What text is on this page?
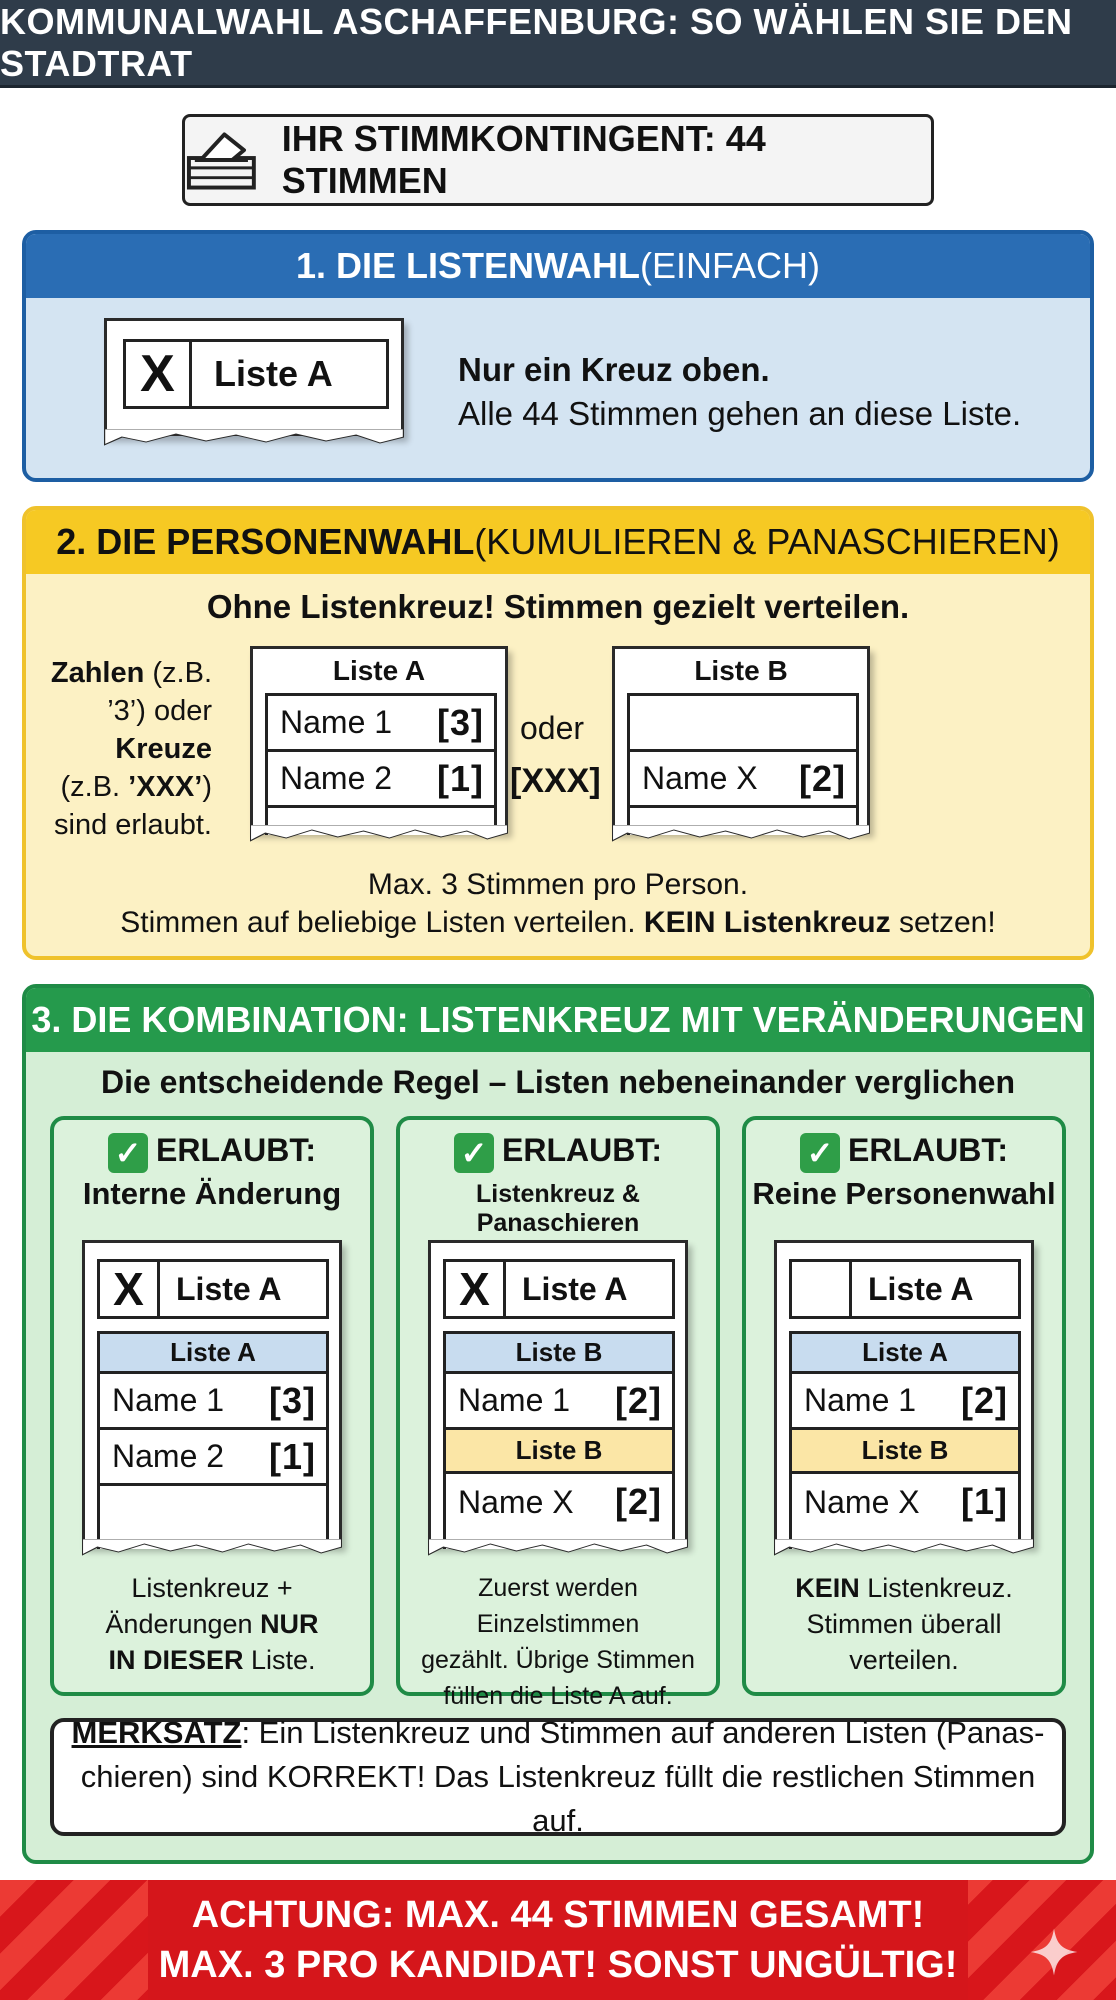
KOMMUNALWAHL ASCHAFFENBURG: SO WÄHLEN SIE DEN STADTRAT
IHR STIMMKONTINGENT: 44 STIMMEN
1. DIE LISTENWAHL (EINFACH)
X	Liste A	Nur ein Kreuz oben.
Alle 44 Stimmen gehen an diese Liste.
2. DIE PERSONENWAHL (KUMULIEREN & PANASCHIEREN)
Ohne Listenkreuz! Stimmen gezielt verteilen.
Zahlen (z.B.
’3’) oder
Kreuze
(z.B. ’XXX’)
sind erlaubt.
Liste A
Name 1 [3]
Name 2 [1]
oder
[XXX]
Liste B
Name X [2]
Max. 3 Stimmen pro Person.
Stimmen auf beliebige Listen verteilen. KEIN Listenkreuz setzen!
3. DIE KOMBINATION: LISTENKREUZ MIT VERÄNDERUNGEN
Die entscheidende Regel – Listen nebeneinander verglichen
✓ ERLAUBT:
Interne Änderung
X	Liste A
Liste A
Name 1 [3]
Name 2 [1]
Listenkreuz +
Änderungen NUR
IN DIESER Liste.
✓ ERLAUBT:
Listenkreuz & Panaschieren
X	Liste A
Liste B
Name 1 [2]
Liste B
Name X [2]
Zuerst werden Einzelstimmen
gezählt. Übrige Stimmen
füllen die Liste A auf.
✓ ERLAUBT:
Reine Personenwahl
Liste A
Liste A
Name 1 [2]
Liste B
Name X [1]
KEIN Listenkreuz.
Stimmen überall
verteilen.
MERKSATZ: Ein Listenkreuz und Stimmen auf anderen Listen (Panas-
chieren) sind KORREKT! Das Listenkreuz füllt die restlichen Stimmen auf.
ACHTUNG: MAX. 44 STIMMEN GESAMT!
MAX. 3 PRO KANDIDAT! SONST UNGÜLTIG!
